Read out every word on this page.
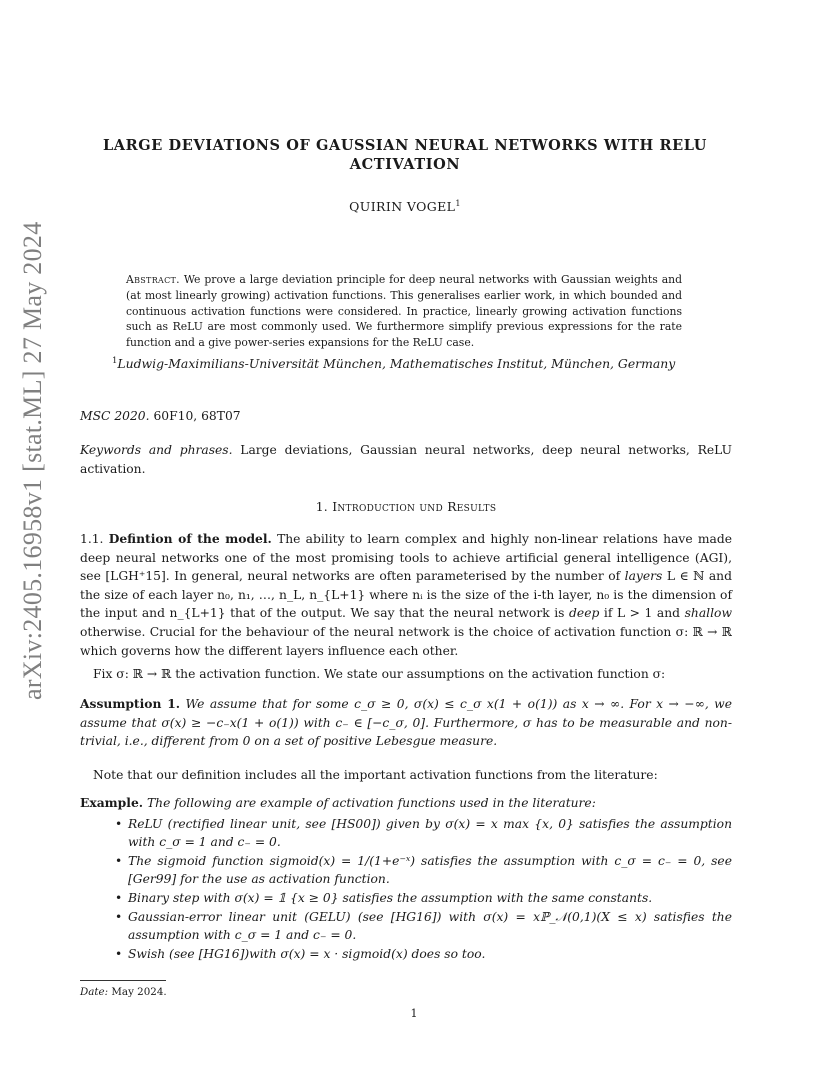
arXiv:2405.16958v1 [stat.ML] 27 May 2024
LARGE DEVIATIONS OF GAUSSIAN NEURAL NETWORKS WITH RELU
ACTIVATION
QUIRIN VOGEL$^1$
Abstract. We prove a large deviation principle for deep neural networks with Gaussian weights and (at most linearly growing) activation functions. This generalises earlier work, in which bounded and continuous activation functions were considered. In practice, linearly growing activation functions such as ReLU are most commonly used. We furthermore simplify previous expressions for the rate function and a give power-series expansions for the ReLU case.
$^1$Ludwig-Maximilians-Universität München, Mathematisches Institut, München, Germany
MSC 2020. 60F10, 68T07
Keywords and phrases. Large deviations, Gaussian neural networks, deep neural networks, ReLU activation.
1. Introduction und Results
1.1. Defintion of the model. The ability to learn complex and highly non-linear relations have made deep neural networks one of the most promising tools to achieve artificial general intelligence (AGI), see [LGH⁺15]. In general, neural networks are often parameterised by the number of layers L ∈ ℕ and the size of each layer n₀, n₁, …, n_L, n_{L+1} where nᵢ is the size of the i-th layer, n₀ is the dimension of the input and n_{L+1} that of the output. We say that the neural network is deep if L > 1 and shallow otherwise. Crucial for the behaviour of the neural network is the choice of activation function σ: ℝ → ℝ which governs how the different layers influence each other.
Fix σ: ℝ → ℝ the activation function. We state our assumptions on the activation function σ:
Assumption 1. We assume that for some c_σ ≥ 0, σ(x) ≤ c_σ x(1 + o(1)) as x → ∞. For x → −∞, we assume that σ(x) ≥ −c₋x(1 + o(1)) with c₋ ∈ [−c_σ, 0]. Furthermore, σ has to be measurable and non-trivial, i.e., different from 0 on a set of positive Lebesgue measure.
Note that our definition includes all the important activation functions from the literature:
Example. The following are example of activation functions used in the literature:
• ReLU (rectified linear unit, see [HS00]) given by σ(x) = x max {x, 0} satisfies the assumption with c_σ = 1 and c₋ = 0.
• The sigmoid function sigmoid(x) = 1/(1+e⁻ˣ) satisfies the assumption with c_σ = c₋ = 0, see [Ger99] for the use as activation function.
• Binary step with σ(x) = 𝟙 {x ≥ 0} satisfies the assumption with the same constants.
• Gaussian-error linear unit (GELU) (see [HG16]) with σ(x) = xℙ_𝒩(0,1)(X ≤ x) satisfies the assumption with c_σ = 1 and c₋ = 0.
• Swish (see [HG16])with σ(x) = x · sigmoid(x) does so too.
Date: May 2024.
1
